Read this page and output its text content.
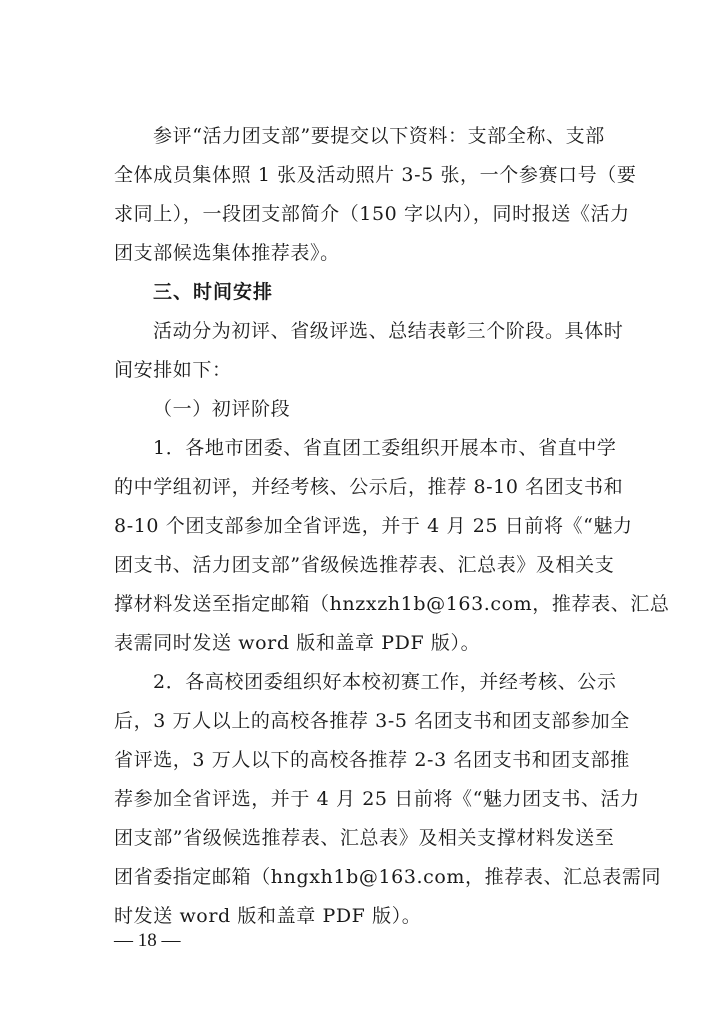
参评“活力团支部”要提交以下资料：支部全称、支部
全体成员集体照 1 张及活动照片 3-5 张，一个参赛口号（要
求同上），一段团支部简介（150 字以内），同时报送《活力
团支部候选集体推荐表》。
三、时间安排
活动分为初评、省级评选、总结表彰三个阶段。具体时
间安排如下：
（一）初评阶段
1．各地市团委、省直团工委组织开展本市、省直中学
的中学组初评，并经考核、公示后，推荐 8-10 名团支书和
8-10 个团支部参加全省评选，并于 4 月 25 日前将《“魅力
团支书、活力团支部”省级候选推荐表、汇总表》及相关支
撑材料发送至指定邮箱（hnzxzh1b@163.com，推荐表、汇总
表需同时发送 word 版和盖章 PDF 版）。
2．各高校团委组织好本校初赛工作，并经考核、公示
后，3 万人以上的高校各推荐 3-5 名团支书和团支部参加全
省评选，3 万人以下的高校各推荐 2-3 名团支书和团支部推
荐参加全省评选，并于 4 月 25 日前将《“魅力团支书、活力
团支部”省级候选推荐表、汇总表》及相关支撑材料发送至
团省委指定邮箱（hngxh1b@163.com，推荐表、汇总表需同
时发送 word 版和盖章 PDF 版）。
— 18 —
